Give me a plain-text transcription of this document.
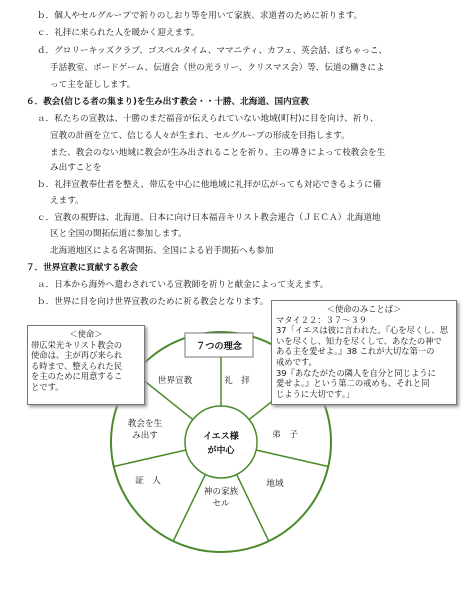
ｂ．個人やセルグループで祈りのしおり等を用いて家族、求道者のために祈ります。
ｃ．礼拝に来られた人を暖かく迎えます。
ｄ．グロリーキッズクラブ、ゴスペルタイム、ママニティ、カフェ、英会話、ぽちゃっこ、
手話教室、ボードゲーム、伝道会（世の光ラリー、クリスマス会）等、伝道の働きによ
って主を証しします。
６．教会(信じる者の集まり)を生み出す教会・・十勝、北海道、国内宣教
ａ．私たちの宣教は、十勝のまだ福音が伝えられていない地域(町村)に目を向け、祈り、
宣教の計画を立て、信じる人々が生まれ、セルグループの形成を目指します。
また、教会のない地域に教会が生み出されることを祈り、主の導きによって枝教会を生
み出すことを
ｂ．礼拝宣教奉仕者を整え、帯広を中心に他地域に礼拝が広がっても対応できるように備
えます。
ｃ．宣教の視野は、北海道、日本に向け日本福音キリスト教会連合（ＪＥＣＡ）北海道地
区と全国の開拓伝道に参加します。
北海道地区による名寄開拓、全国による岩手開拓へも参加
７．世界宣教に貢献する教会
ａ．日本から海外へ遣わされている宣教師を祈りと献金によって支えます。
ｂ．世界に目を向け世界宣教のために祈る教会となります。
世界宣教	礼　拝
弟　子
地域
神の家族
セル
証　人
教会を生
み出す	イエス様
が中心
７つの理念
＜使命＞
帯広栄光キリスト教会の
使命は、主が再び来られ
る時まで、整えられた民
を主のために用意するこ
とです。
＜使命のみことば＞
マタイ２２：３７〜３９
37「イエスは彼に言われた。『心を尽くし、思
いを尽くし、知力を尽くして、あなたの神で
ある主を愛せよ。』38 これが大切な第一の
戒めです。
39『あなたがたの隣人を自分と同じように
愛せよ。』という第二の戒めも、それと同
じように大切です。」
